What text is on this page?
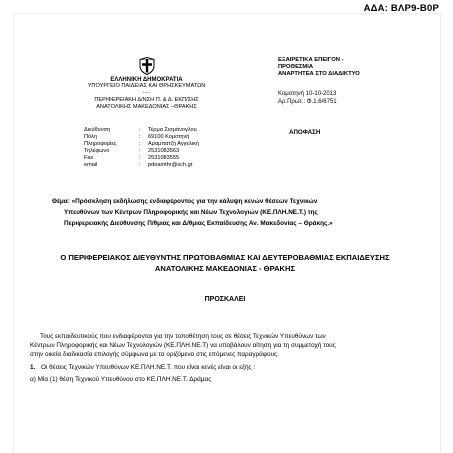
ΑΔΑ: ΒΛΡ9-Β0Ρ
ΕΛΛΗΝΙΚΗ ΔΗΜΟΚΡΑΤΙΑ
ΥΠΟΥΡΓΕΙΟ ΠΑΙΔΕΙΑΣ ΚΑΙ ΘΡΗΣΚΕΥΜΑΤΩΝ
-----
ΠΕΡΙΦΕΡΕΙΑΚΗ Δ/ΝΣΗ Π. & Δ. ΕΚΠ/ΣΗΣ
ΑΝΑΤΟΛΙΚΗΣ ΜΑΚΕΔΟΝΙΑΣ –ΘΡΑΚΗΣ
ΕΞΑΙΡΕΤΙΚΑ ΕΠΕΙΓΟΝ -
ΠΡΟΘΕΣΜΙΑ
ΑΝΑΡΤΗΤΕΑ ΣΤΟ ΔΙΑΔΙΚΤΥΟ
Κομοτηνή 10-10-2013
Αρ.Πρωτ.: Φ.1.6/6751
ΑΠΟΦΑΣΗ
Διεύθυνση	: Τέρμα Σισμάνογλου
Πόλη	: 69100 Κομοτηνή
Πληροφορίες	: Αραμπατζή Αγγελική
Τηλέφωνο	: 2531083563
Fax	: 2531083555
email	: pdeamthr@sch.gr
Θέμα: «Πρόσκληση εκδήλωσης ενδιαφέροντος για την κάλυψη κενών θέσεων Τεχνικών
Υπευθύνων των Κέντρων Πληροφορικής και Νέων Τεχνολογιών (ΚΕ.ΠΛΗ.ΝΕ.Τ.) της
Περιφερειακής Διεύθυνσης Π/θμιας και Δ/θμιας Εκπαίδευσης Αν. Μακεδονίας – Θράκης.»
Ο ΠΕΡΙΦΕΡΕΙΑΚΟΣ ΔΙΕΥΘΥΝΤΗΣ ΠΡΩΤΟΒΑΘΜΙΑΣ ΚΑΙ ΔΕΥΤΕΡΟΒΑΘΜΙΑΣ ΕΚΠΑΙΔΕΥΣΗΣ
ΑΝΑΤΟΛΙΚΗΣ ΜΑΚΕΔΟΝΙΑΣ - ΘΡΑΚΗΣ
ΠΡΟΣΚΑΛΕΙ
Τους εκπαιδευτικούς που ενδιαφέρονται για την τοποθέτηση τους σε θέσεις Τεχνικών Υπευθύνων των
Κέντρων Πληροφορικής και Νέων Τεχνολογιών (ΚΕ.ΠΛΗ.ΝΕ.Τ) να υποβάλουν αίτηση για τη συμμετοχή τους
στην οικεία διαδικασία επιλογής σύμφωνα με τα οριζόμενα στις επόμενες παραγράφους.
1. Οι θέσεις Τεχνικών Υπευθύνων ΚΕ.ΠΛΗ.ΝΕ.Τ. που είναι κενές είναι οι εξής :
α) Μία (1) θέση Τεχνικού Υπευθύνου στο ΚΕ.ΠΛΗ.ΝΕ.Τ. Δράμας
